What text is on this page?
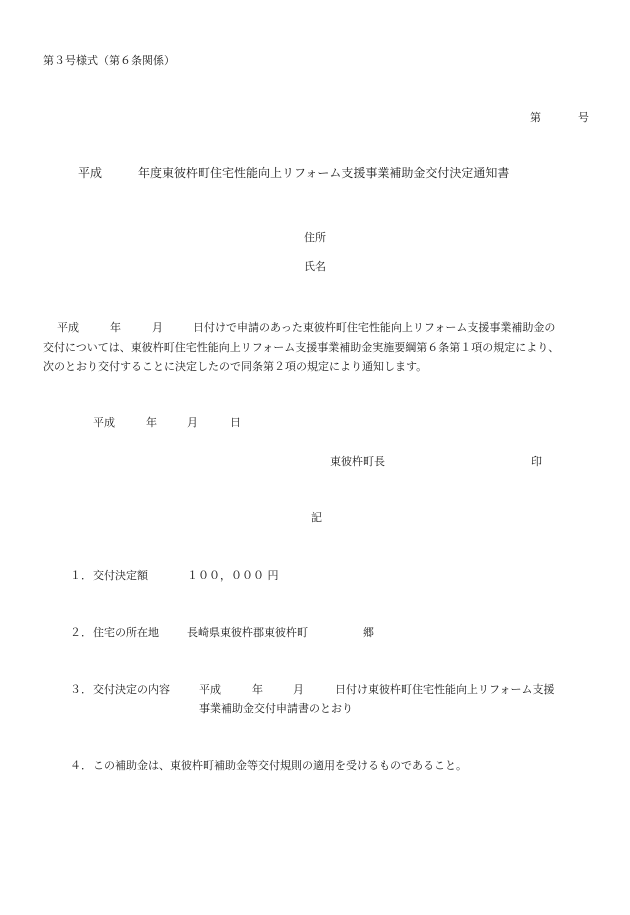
第３号様式（第６条関係）
第	号
平成	年度東彼杵町住宅性能向上リフォーム支援事業補助金交付決定通知書
住所
氏名
平成	年	月	日付けで申請のあった東彼杵町住宅性能向上リフォーム支援事業補助金の
交付については、東彼杵町住宅性能向上リフォーム支援事業補助金実施要綱第６条第１項の規定により、
次のとおり交付することに決定したので同条第２項の規定により通知します。
平成	年	月	日
東彼杵町長	印
記
１． 交付決定額	１００，０００ 円
２． 住宅の所在地	長崎県東彼杵郡東彼杵町	郷
３． 交付決定の内容	平成	年	月	日付け東彼杵町住宅性能向上リフォーム支援
事業補助金交付申請書のとおり
４． この補助金は、東彼杵町補助金等交付規則の適用を受けるものであること。
